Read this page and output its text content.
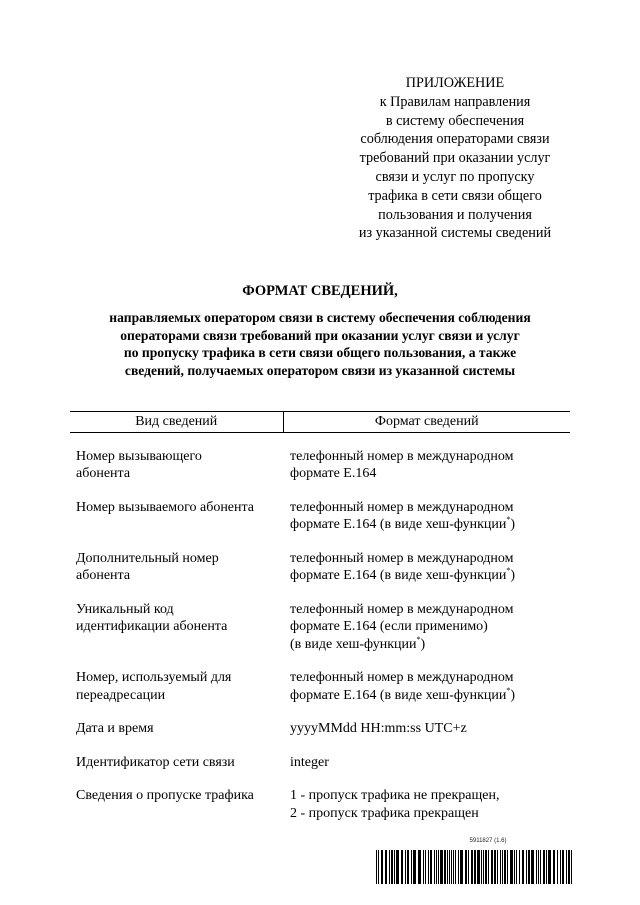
ПРИЛОЖЕНИЕ
к Правилам направления
в систему обеспечения
соблюдения операторами связи
требований при оказании услуг
связи и услуг по пропуску
трафика в сети связи общего
пользования и получения
из указанной системы сведений
ФОРМАТ СВЕДЕНИЙ,
направляемых оператором связи в систему обеспечения соблюдения
операторами связи требований при оказании услуг связи и услуг
по пропуску трафика в сети связи общего пользования, а также
сведений, получаемых оператором связи из указанной системы
Вид сведений	Формат сведений

Номер вызывающего
абонента	телефонный номер в международном
формате E.164

Номер вызываемого абонента	телефонный номер в международном
формате E.164 (в виде хеш-функции*)

Дополнительный номер
абонента	телефонный номер в международном
формате E.164 (в виде хеш-функции*)

Уникальный код
идентификации абонента	телефонный номер в международном
формате E.164 (если применимо)
(в виде хеш-функции*)

Номер, используемый для
переадресации	телефонный номер в международном
формате E.164 (в виде хеш-функции*)

Дата и время	yyyyMMdd HH:mm:ss UTC+z

Идентификатор сети связи	integer

Сведения о пропуске трафика	1 - пропуск трафика не прекращен,
2 - пропуск трафика прекращен
5911827 (1.6)
